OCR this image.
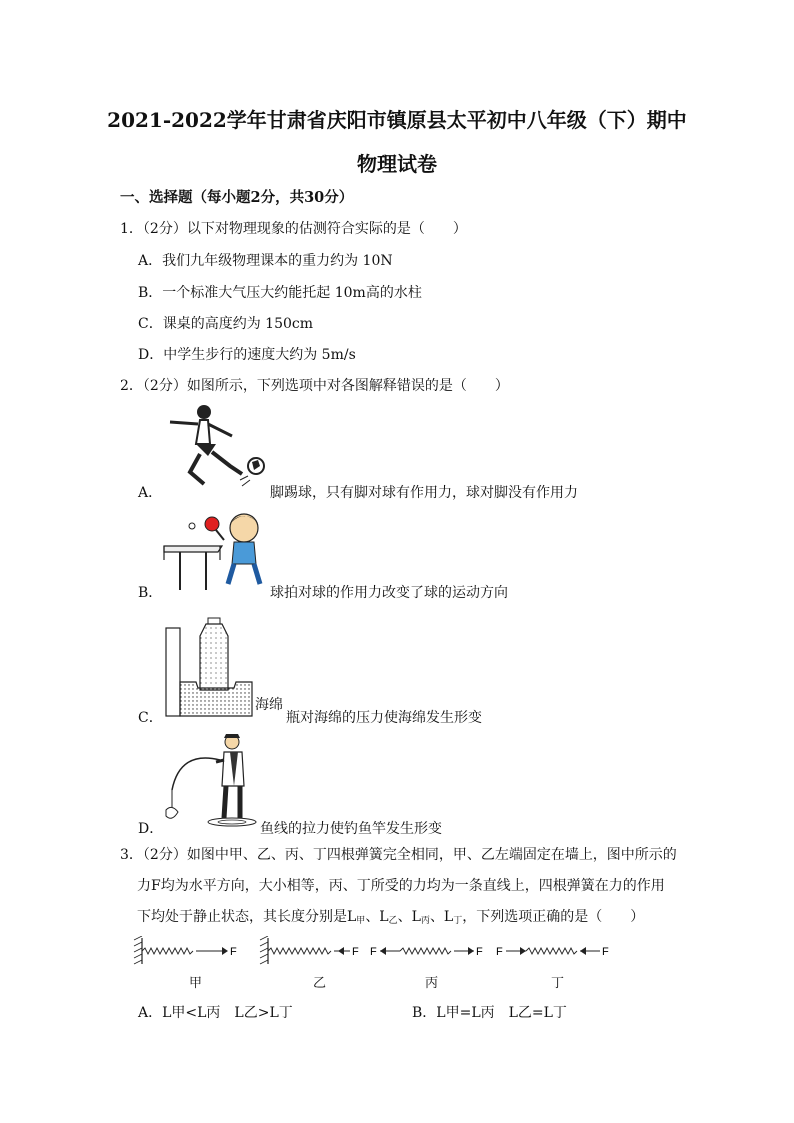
2021-2022学年甘肃省庆阳市镇原县太平初中八年级（下）期中
物理试卷
一、选择题（每小题2分，共30分）
1．（2分）以下对物理现象的估测符合实际的是（　　）
A．我们九年级物理课本的重力约为 10N
B．一个标准大气压大约能托起 10m高的水柱
C．课桌的高度约为 150cm
D．中学生步行的速度大约为 5m/s
2．（2分）如图所示，下列选项中对各图解释错误的是（　　）
A．	脚踢球，只有脚对球有作用力，球对脚没有作用力
B．	球拍对球的作用力改变了球的运动方向
海绵
C．	瓶对海绵的压力使海绵发生形变
D．	鱼线的拉力使钓鱼竿发生形变
3．（2分）如图中甲、乙、丙、丁四根弹簧完全相同，甲、乙左端固定在墙上，图中所示的
力F均为水平方向，大小相等，丙、丁所受的力均为一条直线上，四根弹簧在力的作用
下均处于静止状态，其长度分别是$L_甲$、$L_乙$、$L_丙$、$L_丁$，下列选项正确的是（　　）
F	F F	F F	F
甲	乙	丙	丁
A．L甲<L丙　L乙>L丁	B．L甲=L丙　L乙=L丁
